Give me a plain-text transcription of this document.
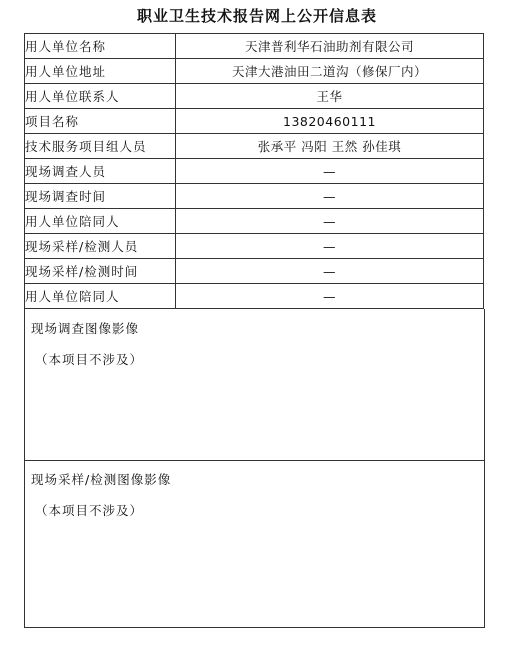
职业卫生技术报告网上公开信息表
用人单位名称	天津普利华石油助剂有限公司
用人单位地址	天津大港油田二道沟（修保厂内）
用人单位联系人	王华
项目名称	13820460111
技术服务项目组人员	张承平 冯阳 王然 孙佳琪
现场调查人员	—
现场调查时间	—
用人单位陪同人	—
现场采样/检测人员	—
现场采样/检测时间	—
用人单位陪同人	—
现场调查图像影像
（本项目不涉及）
现场采样/检测图像影像
（本项目不涉及）
